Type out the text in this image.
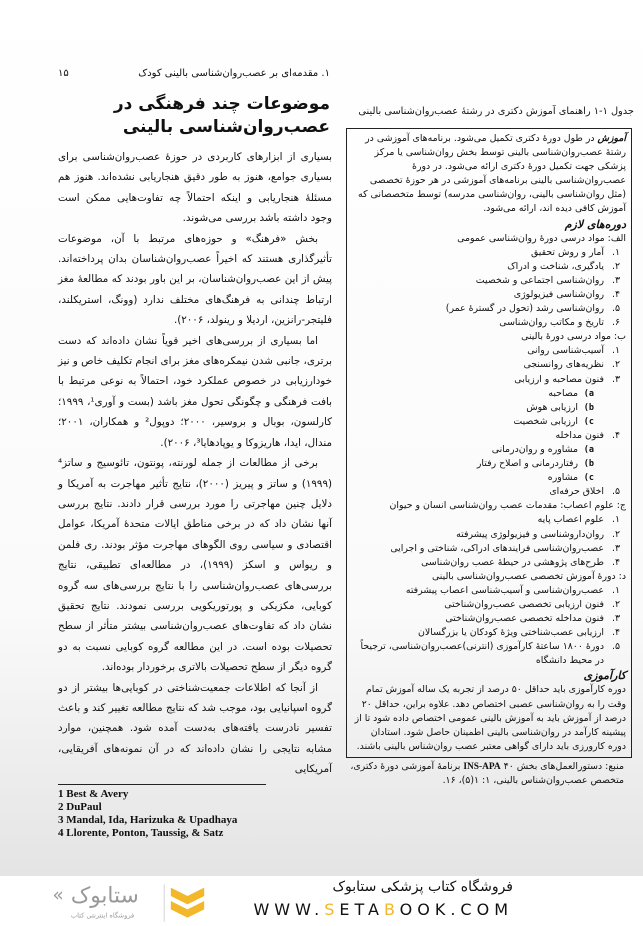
۱. مقدمه‌ای بر عصب‌روان‌شناسی بالینی کودک
۱۵
موضوعات چند فرهنگی در عصب‌روان‌شناسی بالینی

بسیاری از ابزارهای کاربردی در حوزهٔ عصب‌روان‌شناسی برای بسیاری جوامع، هنوز به طور دقیق هنجاریابی نشده‌اند. هنوز هم مسئلهٔ هنجاریابی و اینکه احتمالاً چه تفاوت‌هایی ممکن است وجود داشته باشد بررسی می‌شوند.

بخش «فرهنگ» و حوزه‌های مرتبط با آن، موضوعات تأثیرگذاری هستند که اخیراً عصب‌روان‌شناسان بدان پرداخته‌اند. پیش از این عصب‌روان‌شناسان، بر این باور بودند که مطالعهٔ مغز ارتباط چندانی به فرهنگ‌های مختلف ندارد (وونگ، استریکلند، فلیتجر-رانزین، اردیلا و رینولد، ۲۰۰۶).

اما بسیاری از بررسی‌های اخیر قویاً نشان داده‌اند که دست برتری، جانبی شدن نیمکره‌های مغز برای انجام تکلیف خاص و نیز خودارزیابی در خصوص عملکرد خود، احتمالاً به نوعی مرتبط با بافت فرهنگی و چگونگی تحول مغز باشد (بست و آوری¹، ۱۹۹۹؛ کارلسون، بوبال و بروسیر، ۲۰۰۰؛ دوپول² و همکاران، ۲۰۰۱؛ مندال، ایدا، هاریزوکا و یوپادهایا³، ۲۰۰۶).

برخی از مطالعات از جمله لورنته، پونتون، تائوسیج و ساتز⁴ (۱۹۹۹) و ساتز و پیریز (۲۰۰۰)، نتایج تأثیر مهاجرت به آمریکا و دلایل چنین مهاجرتی را مورد بررسی قرار دادند. نتایج بررسی آنها نشان داد که در برخی مناطق ایالات متحدهٔ آمریکا، عوامل اقتصادی و سیاسی روی الگوهای مهاجرت مؤثر بودند. ری فلمن و ریواس و اسکز (۱۹۹۹)، در مطالعه‌ای تطبیقی، نتایج بررسی‌های عصب‌روان‌شناسی را با نتایج بررسی‌های سه گروه کوبایی، مکزیکی و پورتوریکویی بررسی نمودند. نتایج تحقیق نشان داد که تفاوت‌های عصب‌روان‌شناسی بیشتر متأثر از سطح تحصیلات بوده است. در این مطالعه گروه کوبایی نسبت به دو گروه دیگر از سطح تحصیلات بالاتری برخوردار بوده‌اند.

از آنجا که اطلاعات جمعیت‌شناختی در کوبایی‌ها بیشتر از دو گروه اسپانیایی بود، موجب شد که نتایج مطالعه تغییر کند و باعث تفسیر نادرست یافته‌های به‌دست آمده شود. همچنین، موارد مشابه نتایجی را نشان داده‌اند که در آن نمونه‌های آفریقایی، آمریکایی

1 Best & Avery
2 DuPaul
3 Mandal, Ida, Harizuka & Upadhaya
4 Llorente, Ponton, Taussig, & Satz
جدول ۱-۱ راهنمای آموزش دکتری در رشتهٔ عصب‌روان‌شناسی بالینی
آموزش در طول دورهٔ دکتری تکمیل می‌شود. برنامه‌های آموزشی در رشتهٔ عصب‌روان‌شناسی بالینی توسط بخش روان‌شناسی یا مرکز پزشکی جهت تکمیل دورهٔ دکتری ارائه می‌شود. در دورهٔ عصب‌روان‌شناسی بالینی برنامه‌های آموزشی در هر حوزهٔ تخصصی (مثل روان‌شناسی بالینی، روان‌شناسی مدرسه) توسط متخصصانی که آموزش کافی دیده اند، ارائه می‌شود.
دوره‌های لازم
الف: مواد درسی دورهٔ روان‌شناسی عمومی
۱.
آمار و روش تحقیق
۲.
یادگیری، شناخت و ادراک
۳.
روان‌شناسی اجتماعی و شخصیت
۴.
روان‌شناسی فیزیولوژی
۵.
روان‌شناسی رشد (تحول در گسترهٔ عمر)
۶.
تاریخ و مکاتب روان‌شناسی
ب: مواد درسی دورهٔ بالینی
۱.
آسیب‌شناسی روانی
۲.
نظریه‌های روانسنجی
۳.
فنون مصاحبه و ارزیابی
a)
مصاحبه
b)
ارزیابی هوش
c)
ارزیابی شخصیت
۴.
فنون مداخله
a)
مشاوره و روان‌درمانی
b)
رفتاردرمانی و اصلاح رفتار
c)
مشاوره
۵.
اخلاق حرفه‌ای
ج: علوم اعصاب: مقدمات عصب روان‌شناسی انسان و حیوان
۱.
علوم اعصاب پایه
۲.
روان‌داروشناسی و فیزیولوژی پیشرفته
۳.
عصب‌روان‌شناسی فرایندهای ادراکی، شناختی و اجرایی
۴.
طرح‌های پژوهشی در حیطهٔ عصب روان‌شناسی
د: دورهٔ آموزش تخصصی عصب‌روان‌شناسی بالینی
۱.
عصب‌روان‌شناسی و آسیب‌شناسی اعصاب پیشرفته
۲.
فنون ارزیابی تخصصی عصب‌روان‌شناختی
۳.
فنون مداخله تخصصی عصب‌روان‌شناختی
۴.
ارزیابی عصب‌شناختی ویژهٔ کودکان یا بزرگسالان
۵.
دورهٔ ۱۸۰۰ ساعتهٔ کارآموزی (انترنی)عصب‌روان‌شناسی، ترجیحاً در محیط دانشگاه
کارآموزی
دوره کارآموزی باید حداقل ۵۰ درصد از تجربه یک ساله آموزش تمام وقت را به روان‌شناسی عصبی اختصاص دهد. علاوه براین، حداقل ۲۰ درصد از آموزش باید به آموزش بالینی عمومی اختصاص داده شود تا از پیشینه کارآمد در روان‌شناسی بالینی اطمینان حاصل شود. استادان دوره کارورزی باید دارای گواهی معتبر عصب روان‌شناس بالینی باشند.
منبع: دستورالعمل‌های بخش ۴۰ INS-APA برنامهٔ آموزشی دورهٔ دکتری، متخصص عصب‌روان‌شناس بالینی، ۱: ۱(۵)، ۱۶.
« ستابوک
فروشگاه اینترنتی کتاب
فروشگاه کتاب پزشکی ستابوک
WWW.SETABOOK.COM
